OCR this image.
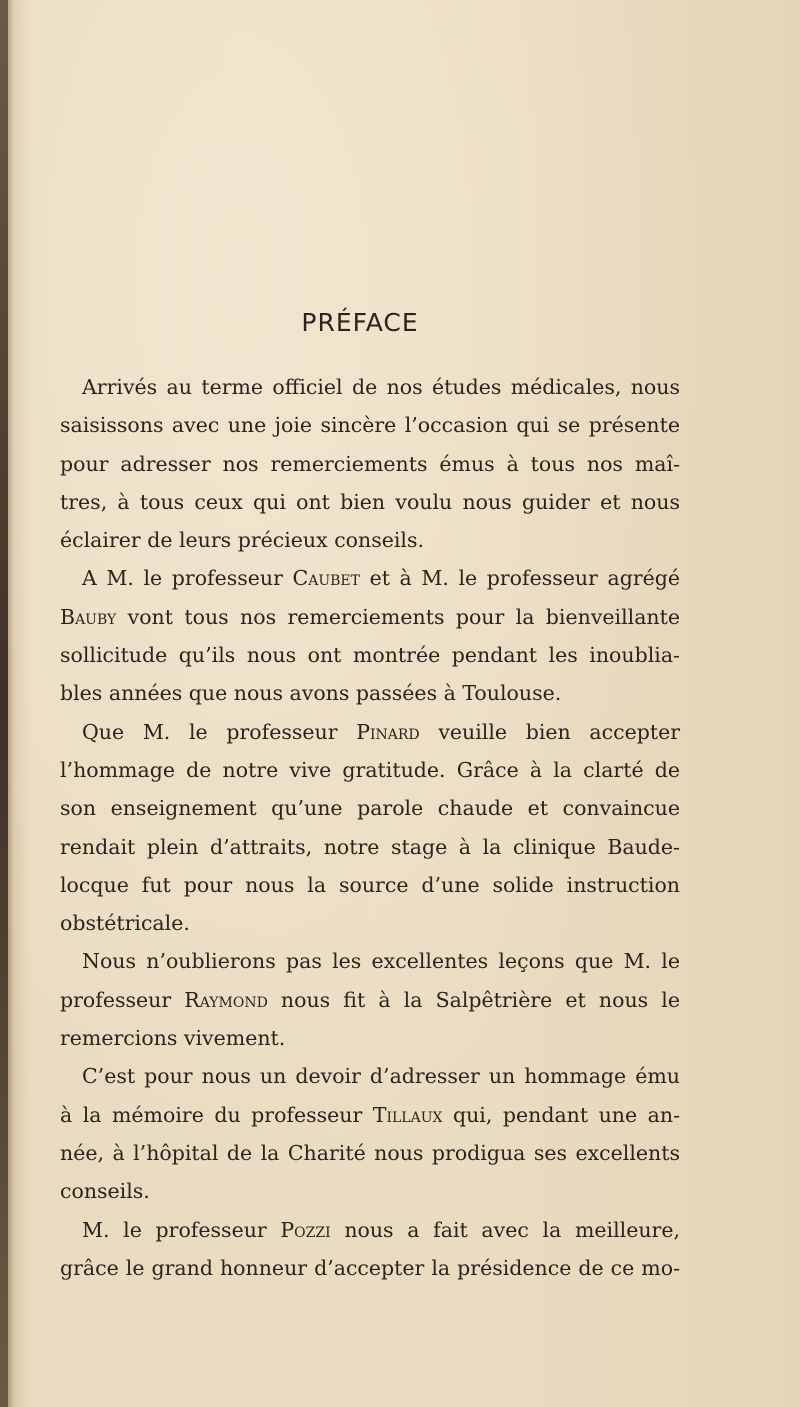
PRÉFACE
Arrivés au terme officiel de nos études médicales, nous
saisissons avec une joie sincère l’occasion qui se présente
pour adresser nos remerciements émus à tous nos maî-
tres, à tous ceux qui ont bien voulu nous guider et nous
éclairer de leurs précieux conseils.
A M. le professeur Caubet et à M. le professeur agrégé
Bauby vont tous nos remerciements pour la bienveillante
sollicitude qu’ils nous ont montrée pendant les inoublia-
bles années que nous avons passées à Toulouse.
Que M. le professeur Pinard veuille bien accepter
l’hommage de notre vive gratitude. Grâce à la clarté de
son enseignement qu’une parole chaude et convaincue
rendait plein d’attraits, notre stage à la clinique Baude-
locque fut pour nous la source d’une solide instruction
obstétricale.
Nous n’oublierons pas les excellentes leçons que M. le
professeur Raymond nous fit à la Salpêtrière et nous le
remercions vivement.
C’est pour nous un devoir d’adresser un hommage ému
à la mémoire du professeur Tillaux qui, pendant une an-
née, à l’hôpital de la Charité nous prodigua ses excellents
conseils.
M. le professeur Pozzi nous a fait avec la meilleure,
grâce le grand honneur d’accepter la présidence de ce mo-
